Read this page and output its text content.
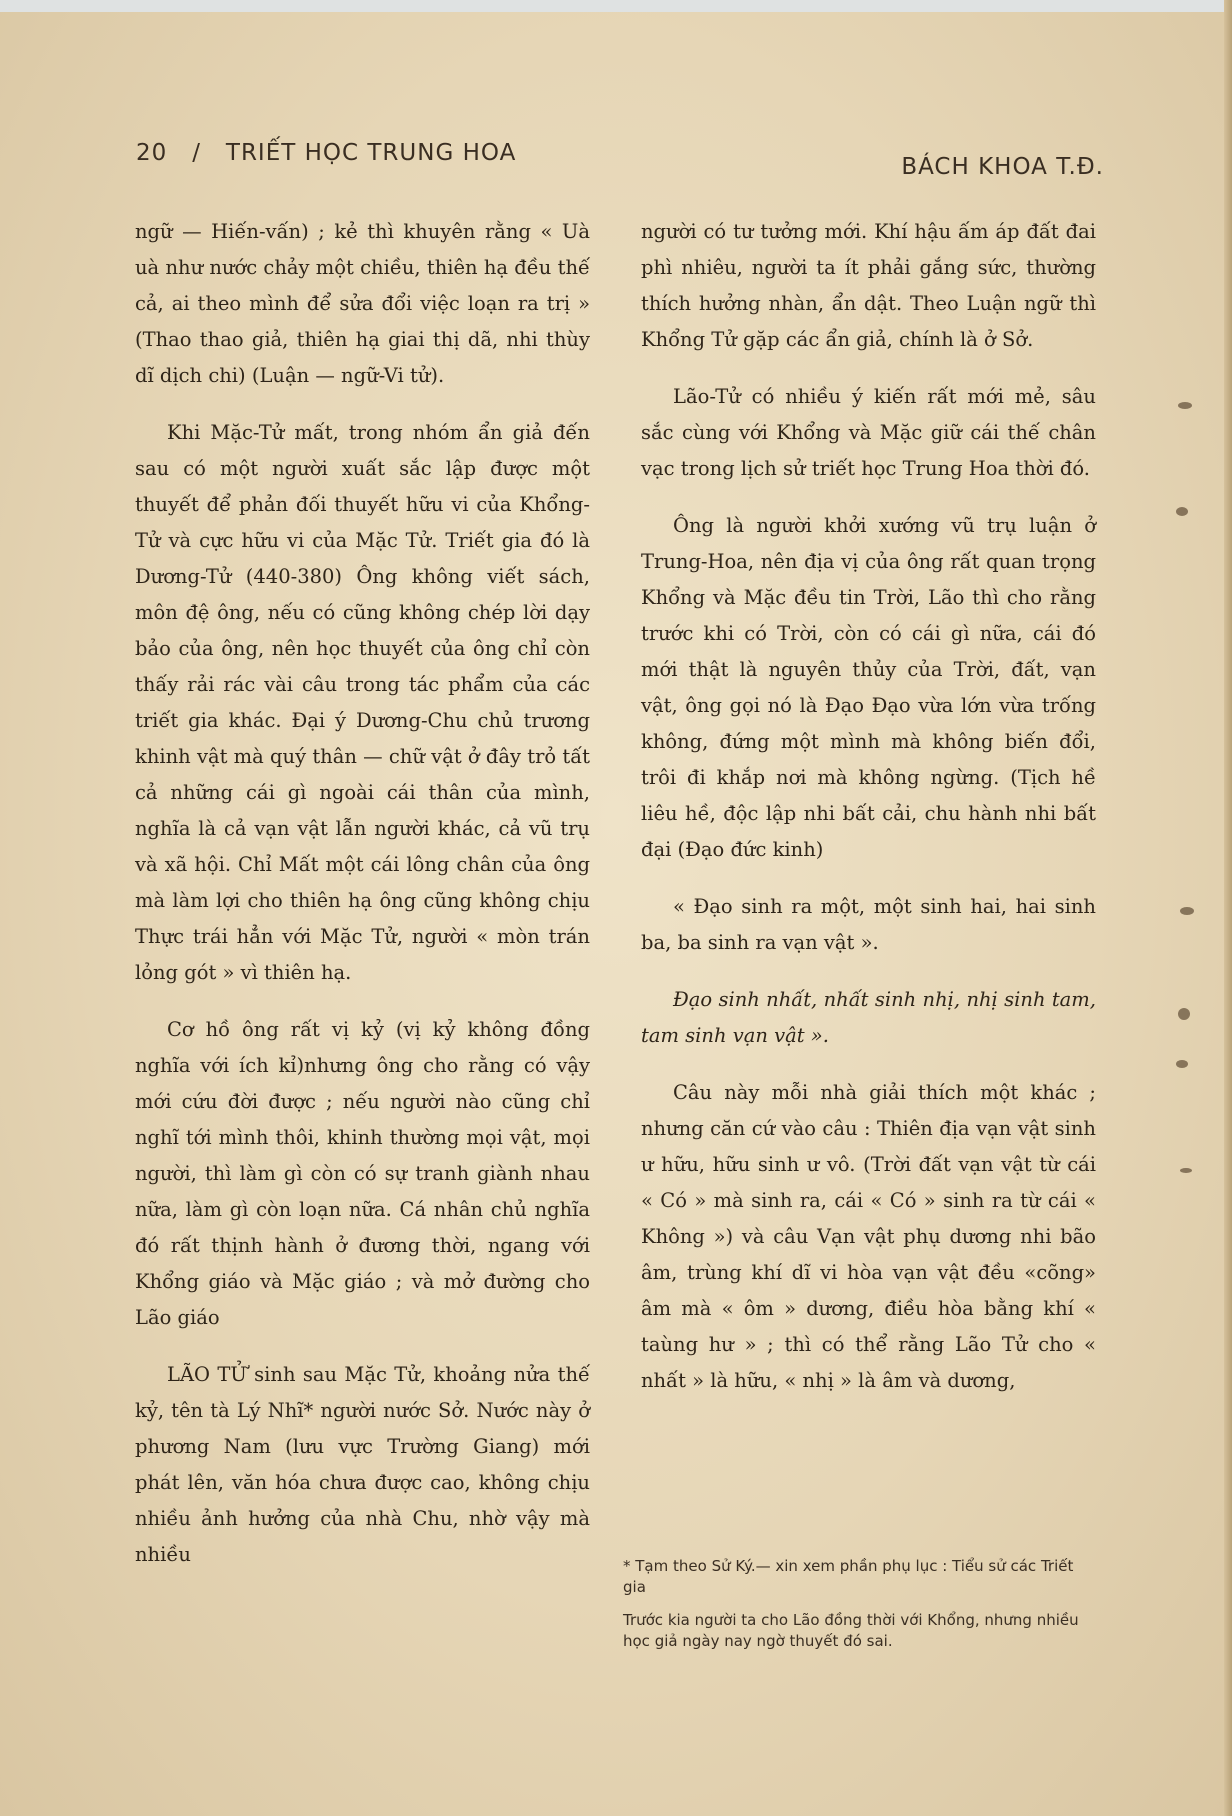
20 / TRIẾT HỌC TRUNG HOA
BÁCH KHOA T.Đ.

ngữ — Hiến-vấn) ; kẻ thì khuyên rằng « Uà uà như nước chảy một chiều, thiên hạ đều thế cả, ai theo mình để sửa đổi việc loạn ra trị » (Thao thao giả, thiên hạ giai thị dã, nhi thùy dĩ dịch chi) (Luận — ngữ-Vi tử).

Khi Mặc-Tử mất, trong nhóm ẩn giả đến sau có một người xuất sắc lập được một thuyết để phản đối thuyết hữu vi của Khổng-Tử và cực hữu vi của Mặc Tử. Triết gia đó là Dương-Tử (440-380) Ông không viết sách, môn đệ ông, nếu có cũng không chép lời dạy bảo của ông, nên học thuyết của ông chỉ còn thấy rải rác vài câu trong tác phẩm của các triết gia khác. Đại ý Dương-Chu chủ trương khinh vật mà quý thân — chữ vật ở đây trỏ tất cả những cái gì ngoài cái thân của mình, nghĩa là cả vạn vật lẫn người khác, cả vũ trụ và xã hội. Chỉ Mất một cái lông chân của ông mà làm lợi cho thiên hạ ông cũng không chịu Thực trái hẳn với Mặc Tử, người « mòn trán lỏng gót » vì thiên hạ.

Cơ hồ ông rất vị kỷ (vị kỷ không đồng nghĩa với ích kỉ)nhưng ông cho rằng có vậy mới cứu đời được ; nếu người nào cũng chỉ nghĩ tới mình thôi, khinh thường mọi vật, mọi người, thì làm gì còn có sự tranh giành nhau nữa, làm gì còn loạn nữa. Cá nhân chủ nghĩa đó rất thịnh hành ở đương thời, ngang với Khổng giáo và Mặc giáo ; và mở đường cho Lão giáo

LÃO TỬ sinh sau Mặc Tử, khoảng nửa thế kỷ, tên tà Lý Nhĩ* người nước Sở. Nước này ở phương Nam (lưu vực Trường Giang) mới phát lên, văn hóa chưa được cao, không chịu nhiều ảnh hưởng của nhà Chu, nhờ vậy mà nhiều

người có tư tưởng mới. Khí hậu ấm áp đất đai phì nhiêu, người ta ít phải gắng sức, thường thích hưởng nhàn, ẩn dật. Theo Luận ngữ thì Khổng Tử gặp các ẩn giả, chính là ở Sở.

Lão-Tử có nhiều ý kiến rất mới mẻ, sâu sắc cùng với Khổng và Mặc giữ cái thế chân vạc trong lịch sử triết học Trung Hoa thời đó.

Ông là người khởi xướng vũ trụ luận ở Trung-Hoa, nên địa vị của ông rất quan trọng Khổng và Mặc đều tin Trời, Lão thì cho rằng trước khi có Trời, còn có cái gì nữa, cái đó mới thật là nguyên thủy của Trời, đất, vạn vật, ông gọi nó là Đạo Đạo vừa lớn vừa trống không, đứng một mình mà không biến đổi, trôi đi khắp nơi mà không ngừng. (Tịch hề liêu hề, độc lập nhi bất cải, chu hành nhi bất đại (Đạo đức kinh)

« Đạo sinh ra một, một sinh hai, hai sinh ba, ba sinh ra vạn vật ».

Đạo sinh nhất, nhất sinh nhị, nhị sinh tam, tam sinh vạn vật ».

Câu này mỗi nhà giải thích một khác ; nhưng căn cứ vào câu : Thiên địa vạn vật sinh ư hữu, hữu sinh ư vô. (Trời đất vạn vật từ cái « Có » mà sinh ra, cái « Có » sinh ra từ cái « Không ») và câu Vạn vật phụ dương nhi bão âm, trùng khí dĩ vi hòa vạn vật đều «cõng» âm mà « ôm » dương, điều hòa bằng khí « taùng hư » ; thì có thể rằng Lão Tử cho « nhất » là hữu, « nhị » là âm và dương,

* Tạm theo Sử Ký.— xin xem phần phụ lục : Tiểu sử các Triết gia

Trước kia người ta cho Lão đồng thời với Khổng, nhưng nhiều học giả ngày nay ngờ thuyết đó sai.
